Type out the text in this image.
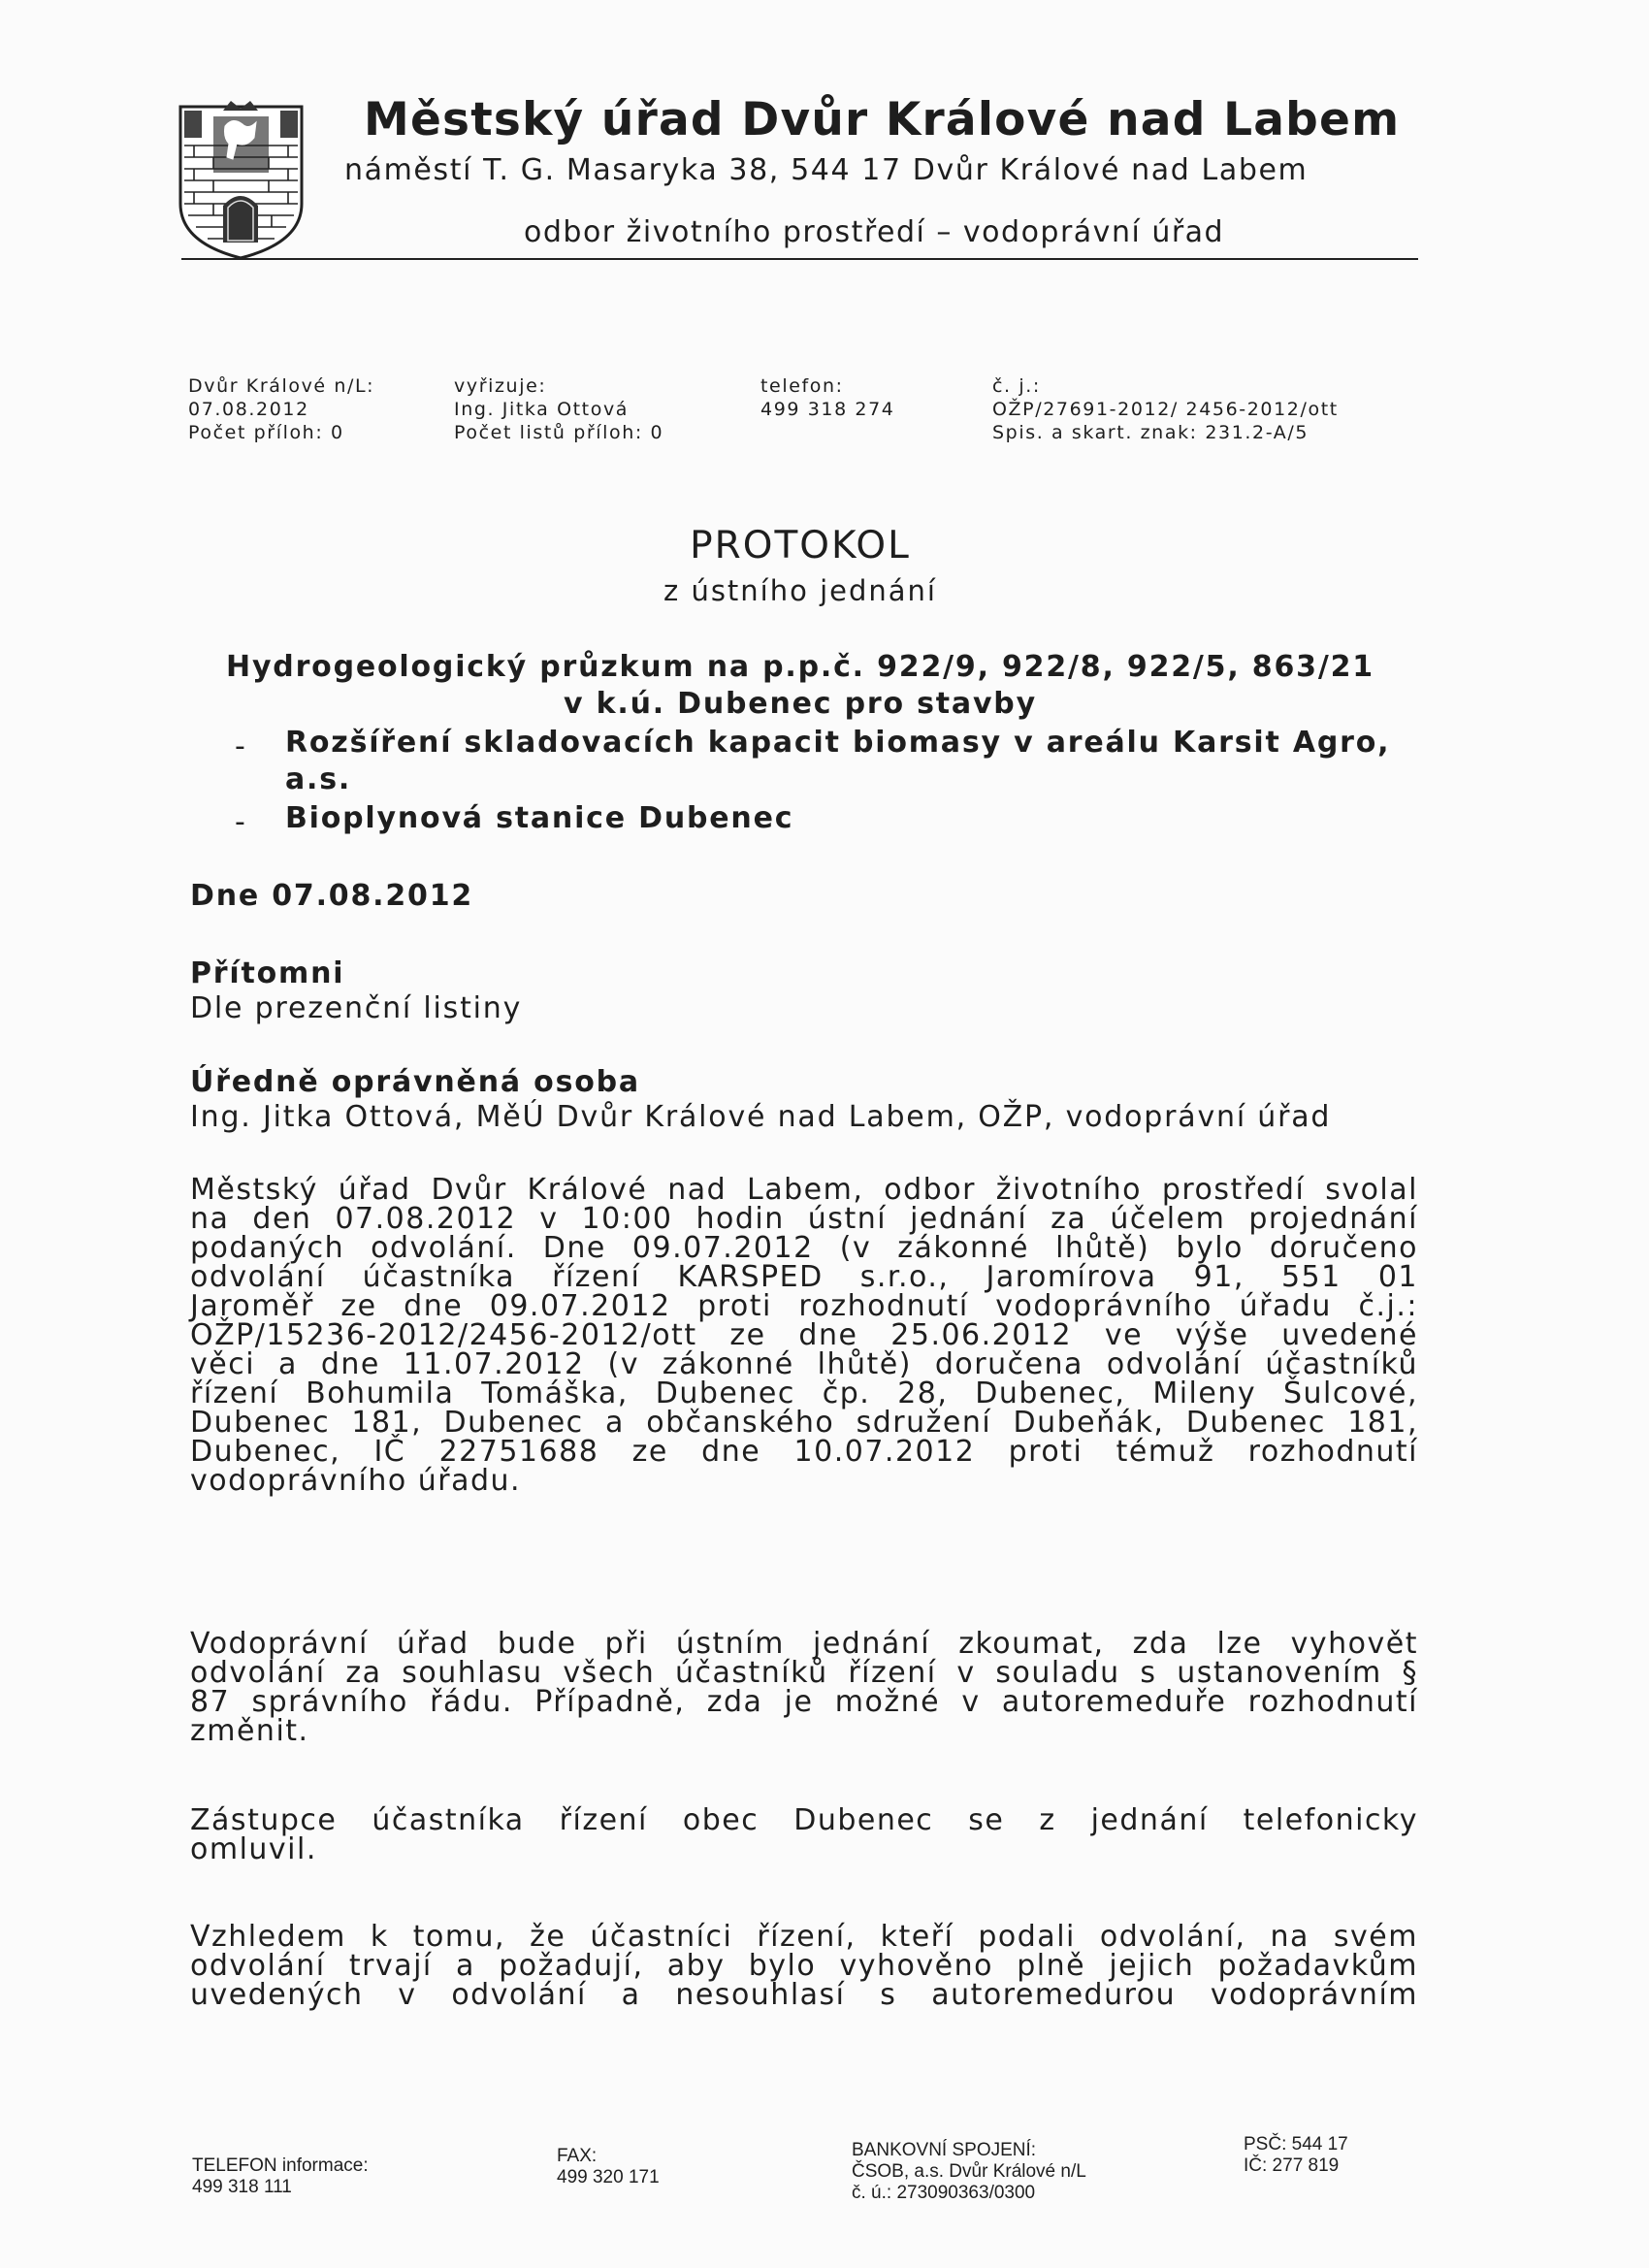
Městský úřad Dvůr Králové nad Labem
náměstí T. G. Masaryka 38, 544 17 Dvůr Králové nad Labem
odbor životního prostředí – vodoprávní úřad
Dvůr Králové n/L:
07.08.2012
Počet příloh: 0
vyřizuje:
Ing. Jitka Ottová
Počet listů příloh: 0
telefon:
499 318 274
č. j.:
OŽP/27691-2012/ 2456-2012/ott
Spis. a skart. znak: 231.2-A/5
PROTOKOL
z ústního jednání
Hydrogeologický průzkum na p.p.č. 922/9, 922/8, 922/5, 863/21
v k.ú. Dubenec pro stavby
- Rozšíření skladovacích kapacit biomasy v areálu Karsit Agro,
a.s.
- Bioplynová stanice Dubenec
Dne 07.08.2012
Přítomni
Dle prezenční listiny
Úředně oprávněná osoba
Ing. Jitka Ottová, MěÚ Dvůr Králové nad Labem, OŽP, vodoprávní úřad
Městský úřad Dvůr Králové nad Labem, odbor životního prostředí svolal
na den 07.08.2012 v 10:00 hodin ústní jednání za účelem projednání
podaných odvolání. Dne 09.07.2012 (v zákonné lhůtě) bylo doručeno
odvolání účastníka řízení KARSPED s.r.o., Jaromírova 91, 551 01
Jaroměř ze dne 09.07.2012 proti rozhodnutí vodoprávního úřadu č.j.:
OŽP/15236-2012/2456-2012/ott ze dne 25.06.2012 ve výše uvedené
věci a dne 11.07.2012 (v zákonné lhůtě) doručena odvolání účastníků
řízení Bohumila Tomáška, Dubenec čp. 28, Dubenec, Mileny Šulcové,
Dubenec 181, Dubenec a občanského sdružení Dubeňák, Dubenec 181,
Dubenec, IČ 22751688 ze dne 10.07.2012 proti témuž rozhodnutí
vodoprávního úřadu.
Vodoprávní úřad bude při ústním jednání zkoumat, zda lze vyhovět
odvolání za souhlasu všech účastníků řízení v souladu s ustanovením §
87 správního řádu. Případně, zda je možné v autoremeduře rozhodnutí
změnit.
Zástupce účastníka řízení obec Dubenec se z jednání telefonicky
omluvil.
Vzhledem k tomu, že účastníci řízení, kteří podali odvolání, na svém
odvolání trvají a požadují, aby bylo vyhověno plně jejich požadavkům
uvedených v odvolání a nesouhlasí s autoremedurou vodoprávním
TELEFON informace:
499 318 111
FAX:
499 320 171
BANKOVNÍ SPOJENÍ:
ČSOB, a.s. Dvůr Králové n/L
č. ú.: 273090363/0300
PSČ: 544 17
IČ: 277 819
